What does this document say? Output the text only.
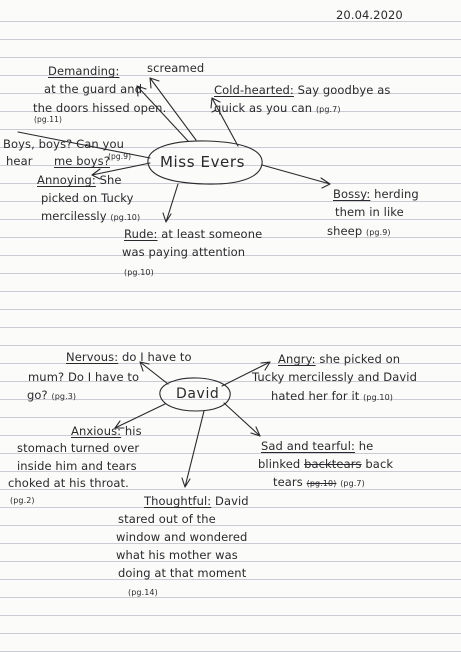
20.04.2020
Miss Evers
Demanding: screamed
at the guard and
the doors hissed open.
(pg.11)
Cold-hearted: Say goodbye as
quick as you can (pg.7)
Boys, boys? Can you
hear me boys?
(pg.9)
Annoying: She
picked on Tucky
mercilessly (pg.10)
Bossy: herding
them in like
sheep (pg.9)
Rude: at least someone
was paying attention
(pg.10)
David
Nervous: do I have to
mum? Do I have to
go? (pg.3)
Angry: she picked on
Tucky mercilessly and David
hated her for it (pg.10)
Anxious: his
stomach turned over
inside him and tears
choked at his throat.
(pg.2)
Sad and tearful: he
blinked backtears back
tears (pg.10) (pg.7)
Thoughtful: David
stared out of the
window and wondered
what his mother was
doing at that moment
(pg.14)
